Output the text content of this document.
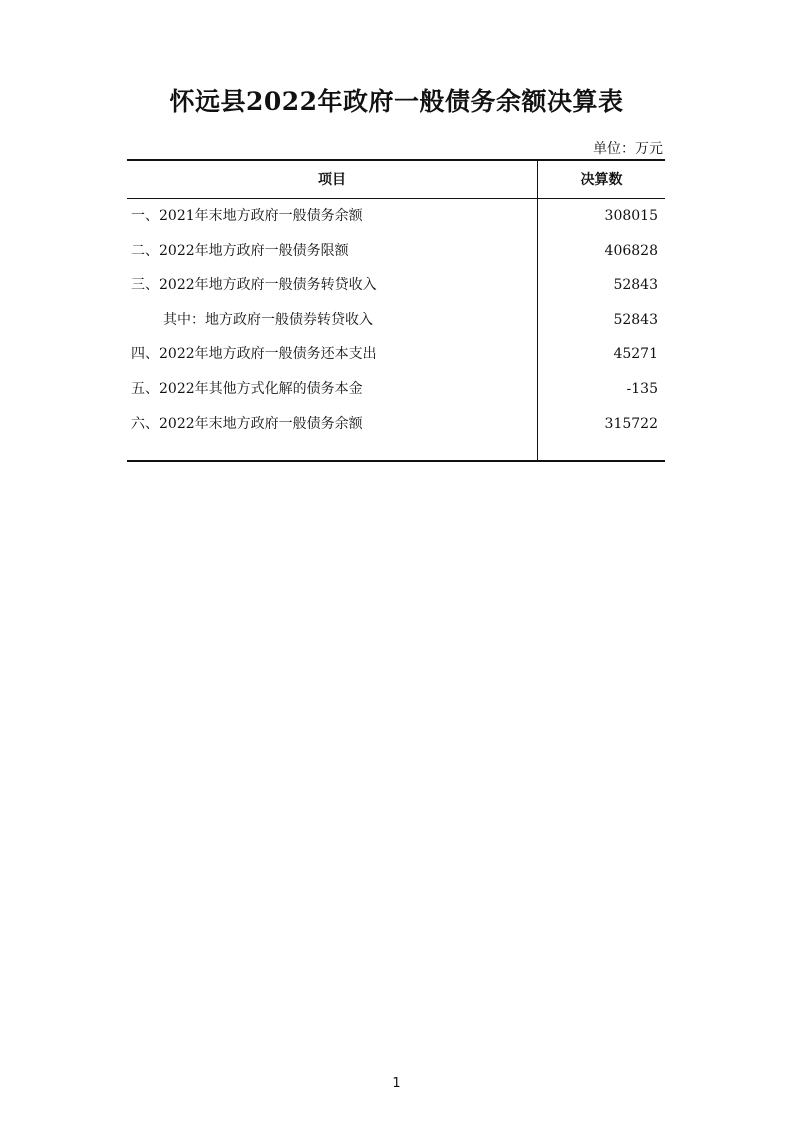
怀远县2022年政府一般债务余额决算表
单位：万元
项目	决算数
一、2021年末地方政府一般债务余额	308015
二、2022年地方政府一般债务限额	406828
三、2022年地方政府一般债务转贷收入	52843
其中：地方政府一般债券转贷收入	52843
四、2022年地方政府一般债务还本支出	45271
五、2022年其他方式化解的债务本金	-135
六、2022年末地方政府一般债务余额	315722
1
